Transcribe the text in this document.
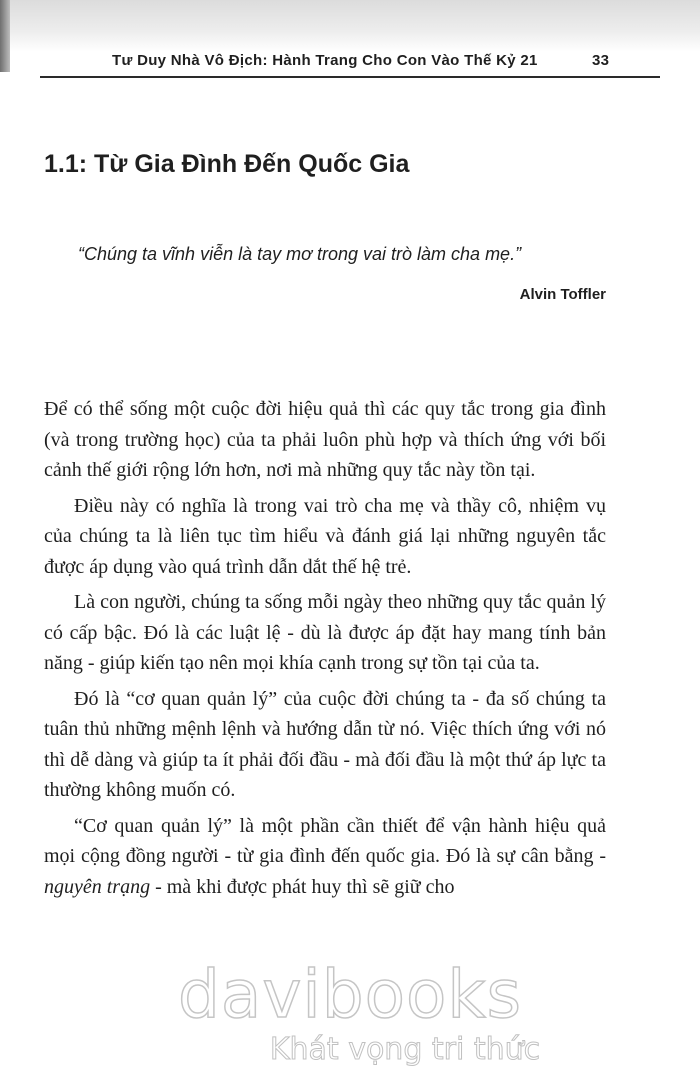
Tư Duy Nhà Vô Địch: Hành Trang Cho Con Vào Thế Kỷ 21	33
1.1: Từ Gia Đình Đến Quốc Gia
“Chúng ta vĩnh viễn là tay mơ trong vai trò làm cha mẹ.”
Alvin Toffler

Để có thể sống một cuộc đời hiệu quả thì các quy tắc trong gia đình (và trong trường học) của ta phải luôn phù hợp và thích ứng với bối cảnh thế giới rộng lớn hơn, nơi mà những quy tắc này tồn tại.

Điều này có nghĩa là trong vai trò cha mẹ và thầy cô, nhiệm vụ của chúng ta là liên tục tìm hiểu và đánh giá lại những nguyên tắc được áp dụng vào quá trình dẫn dắt thế hệ trẻ.

Là con người, chúng ta sống mỗi ngày theo những quy tắc quản lý có cấp bậc. Đó là các luật lệ - dù là được áp đặt hay mang tính bản năng - giúp kiến tạo nên mọi khía cạnh trong sự tồn tại của ta.

Đó là “cơ quan quản lý” của cuộc đời chúng ta - đa số chúng ta tuân thủ những mệnh lệnh và hướng dẫn từ nó. Việc thích ứng với nó thì dễ dàng và giúp ta ít phải đối đầu - mà đối đầu là một thứ áp lực ta thường không muốn có.

“Cơ quan quản lý” là một phần cần thiết để vận hành hiệu quả mọi cộng đồng người - từ gia đình đến quốc gia. Đó là sự cân bằng - nguyên trạng - mà khi được phát huy thì sẽ giữ cho

davibooks
Khát vọng tri thức
